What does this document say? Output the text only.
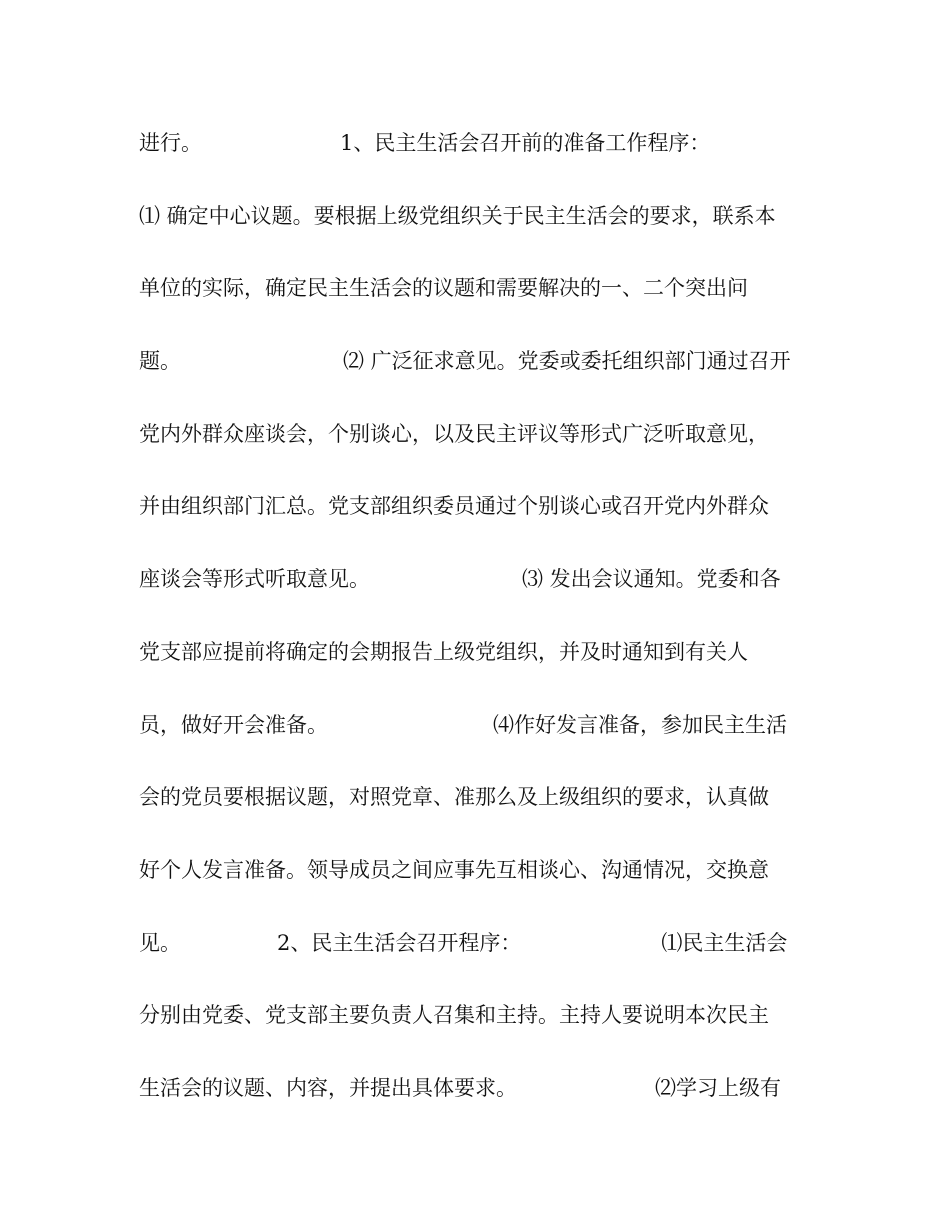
进行。	1、民主生活会召开前的准备工作程序：
⑴ 确定中心议题。要根据上级党组织关于民主生活会的要求，联系本
单位的实际，确定民主生活会的议题和需要解决的一、二个突出问
题。	⑵ 广泛征求意见。党委或委托组织部门通过召开
党内外群众座谈会，个别谈心，以及民主评议等形式广泛听取意见，
并由组织部门汇总。党支部组织委员通过个别谈心或召开党内外群众
座谈会等形式听取意见。	⑶ 发出会议通知。党委和各
党支部应提前将确定的会期报告上级党组织，并及时通知到有关人
员，做好开会准备。	⑷作好发言准备，参加民主生活
会的党员要根据议题，对照党章、准那么及上级组织的要求，认真做
好个人发言准备。领导成员之间应事先互相谈心、沟通情况，交换意
见。	2、民主生活会召开程序：	⑴民主生活会
分别由党委、党支部主要负责人召集和主持。主持人要说明本次民主
生活会的议题、内容，并提出具体要求。	⑵学习上级有
